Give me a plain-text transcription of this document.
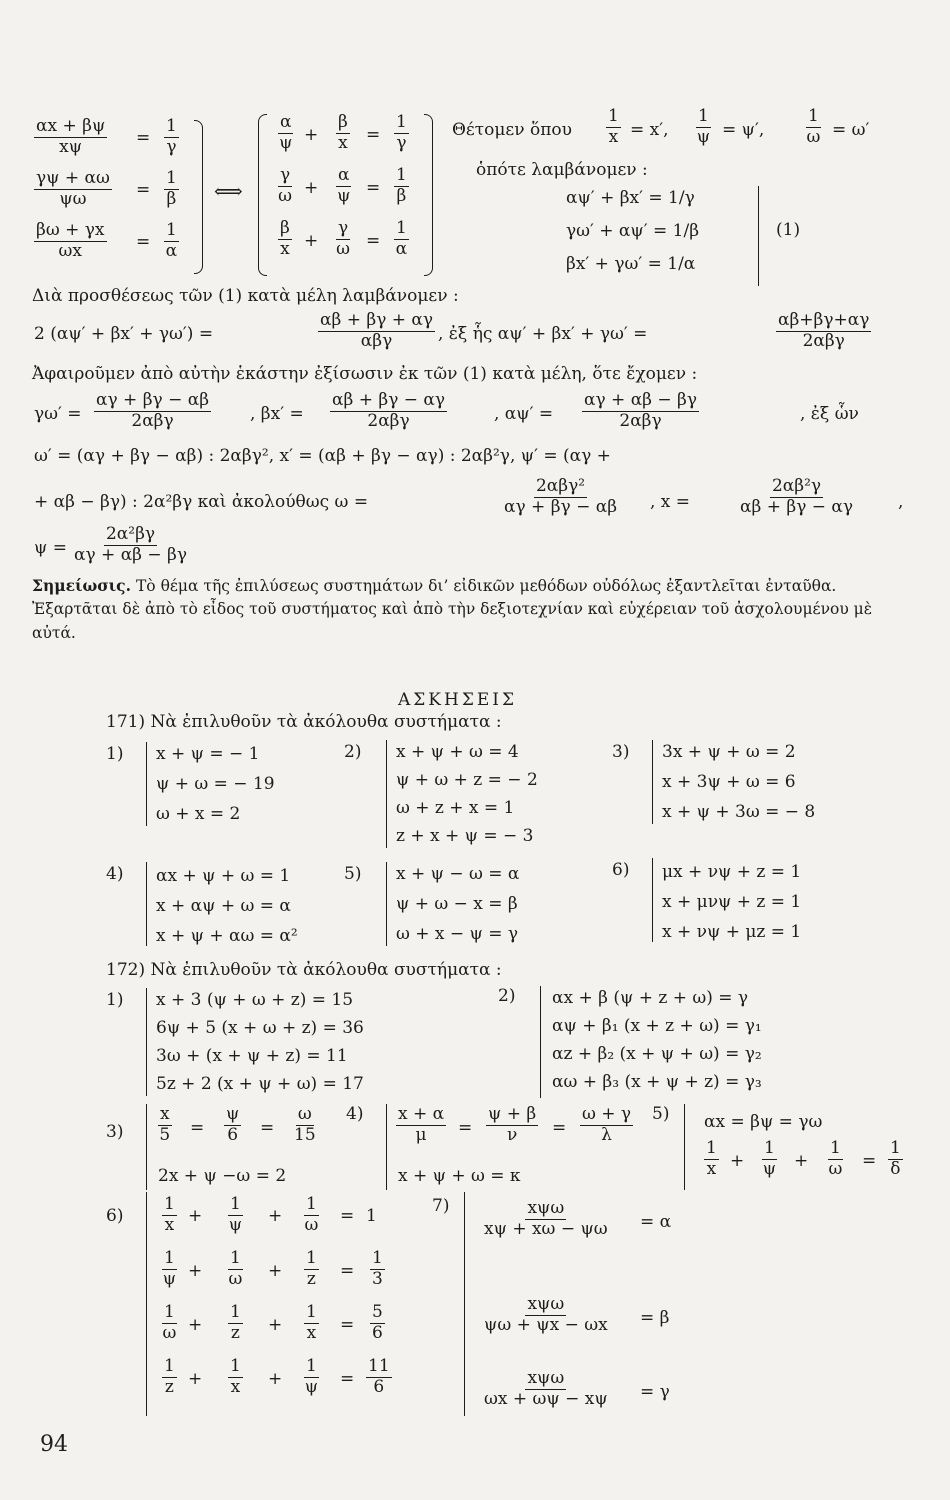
αx + βψ
xψ	=
1
γ
γψ + αω
ψω	=
1
β
βω + γx
ωx	=
1
α
⟺
α
ψ +
β
x =
1
γ
γ
ω +
α
ψ =
1
β
β
x +
γ
ω =
1
α
Θέτομεν ὅπου
1
x = x′,
1
ψ = ψ′,
1
ω = ω′
ὁπότε λαμβάνομεν :
αψ′ + βx′ = 1/γ
γω′ + αψ′ = 1/β
βx′ + γω′ = 1/α
(1)
Διὰ προσθέσεως τῶν (1) κατὰ μέλη λαμβάνομεν :
2 (αψ′ + βx′ + γω′) =
αβ + βγ + αγ
αβγ	, ἐξ ἧς αψ′ + βx′ + γω′ =
αβ+βγ+αγ
2αβγ
Ἀφαιροῦμεν ἀπὸ αὐτὴν ἑκάστην ἐξίσωσιν ἐκ τῶν (1) κατὰ μέλη, ὅτε ἔχομεν :
γω′ =
αγ + βγ − αβ
2αβγ	, βx′ =
αβ + βγ − αγ
2αβγ	, αψ′ =
αγ + αβ − βγ
2αβγ	, ἐξ ὧν
ω′ = (αγ + βγ − αβ) : 2αβγ², x′ = (αβ + βγ − αγ) : 2αβ²γ, ψ′ = (αγ +
+ αβ − βγ) : 2α²βγ καὶ ἀκολούθως ω =
2αβγ²
αγ + βγ − αβ , x =
2αβ²γ
αβ + βγ − αγ	,
ψ =
2α²βγ
αγ + αβ − βγ
Σημείωσις. Τὸ θέμα τῆς ἐπιλύσεως συστημάτων δι’ εἰδικῶν μεθόδων οὐδόλως ἐξαντλεῖται ἐνταῦθα. Ἐξαρτᾶται δὲ ἀπὸ τὸ εἶδος τοῦ συστήματος καὶ ἀπὸ τὴν δεξιοτεχνίαν καὶ εὐχέρειαν τοῦ ἀσχολουμένου μὲ αὐτά.
ΑΣΚΗΣΕΙΣ
171) Νὰ ἐπιλυθοῦν τὰ ἀκόλουθα συστήματα :
1) x + ψ = − 1
ψ + ω = − 19
ω + x = 2
2) x + ψ + ω = 4
ψ + ω + z = − 2
ω + z + x = 1
z + x + ψ = − 3
3) 3x + ψ + ω = 2
x + 3ψ + ω = 6
x + ψ + 3ω = − 8
4) αx + ψ + ω = 1
x + αψ + ω = α
x + ψ + αω = α²
5) x + ψ − ω = α
ψ + ω − x = β
ω + x − ψ = γ
6) μx + νψ + z = 1
x + μνψ + z = 1
x + νψ + μz = 1
172) Νὰ ἐπιλυθοῦν τὰ ἀκόλουθα συστήματα :
1) x + 3 (ψ + ω + z) = 15
6ψ + 5 (x + ω + z) = 36
3ω + (x + ψ + z) = 11
5z + 2 (x + ψ + ω) = 17
2) αx + β (ψ + z + ω) = γ
αψ + β₁ (x + z + ω) = γ₁
αz + β₂ (x + ψ + ω) = γ₂
αω + β₃ (x + ψ + z) = γ₃
3)
x
5 =
ψ
6 =
ω
15
2x + ψ −ω = 2
4) x + α
μ =
ψ + β
ν =
ω + γ
λ
x + ψ + ω = κ
5) αx = βψ = γω
1
x +
1
ψ +
1
ω =
1
δ
6)
1
x +
1
ψ +
1
ω = 1
1
ψ +
1
ω +
1
z =
1
3
1
ω +
1
z +
1
x =
5
6
1
z +
1
x +
1
ψ =
11
6
7)	xψω
xψ + xω − ψω = α
xψω
ψω + ψx − ωx = β
xψω
ωx + ωψ − xψ = γ
94
